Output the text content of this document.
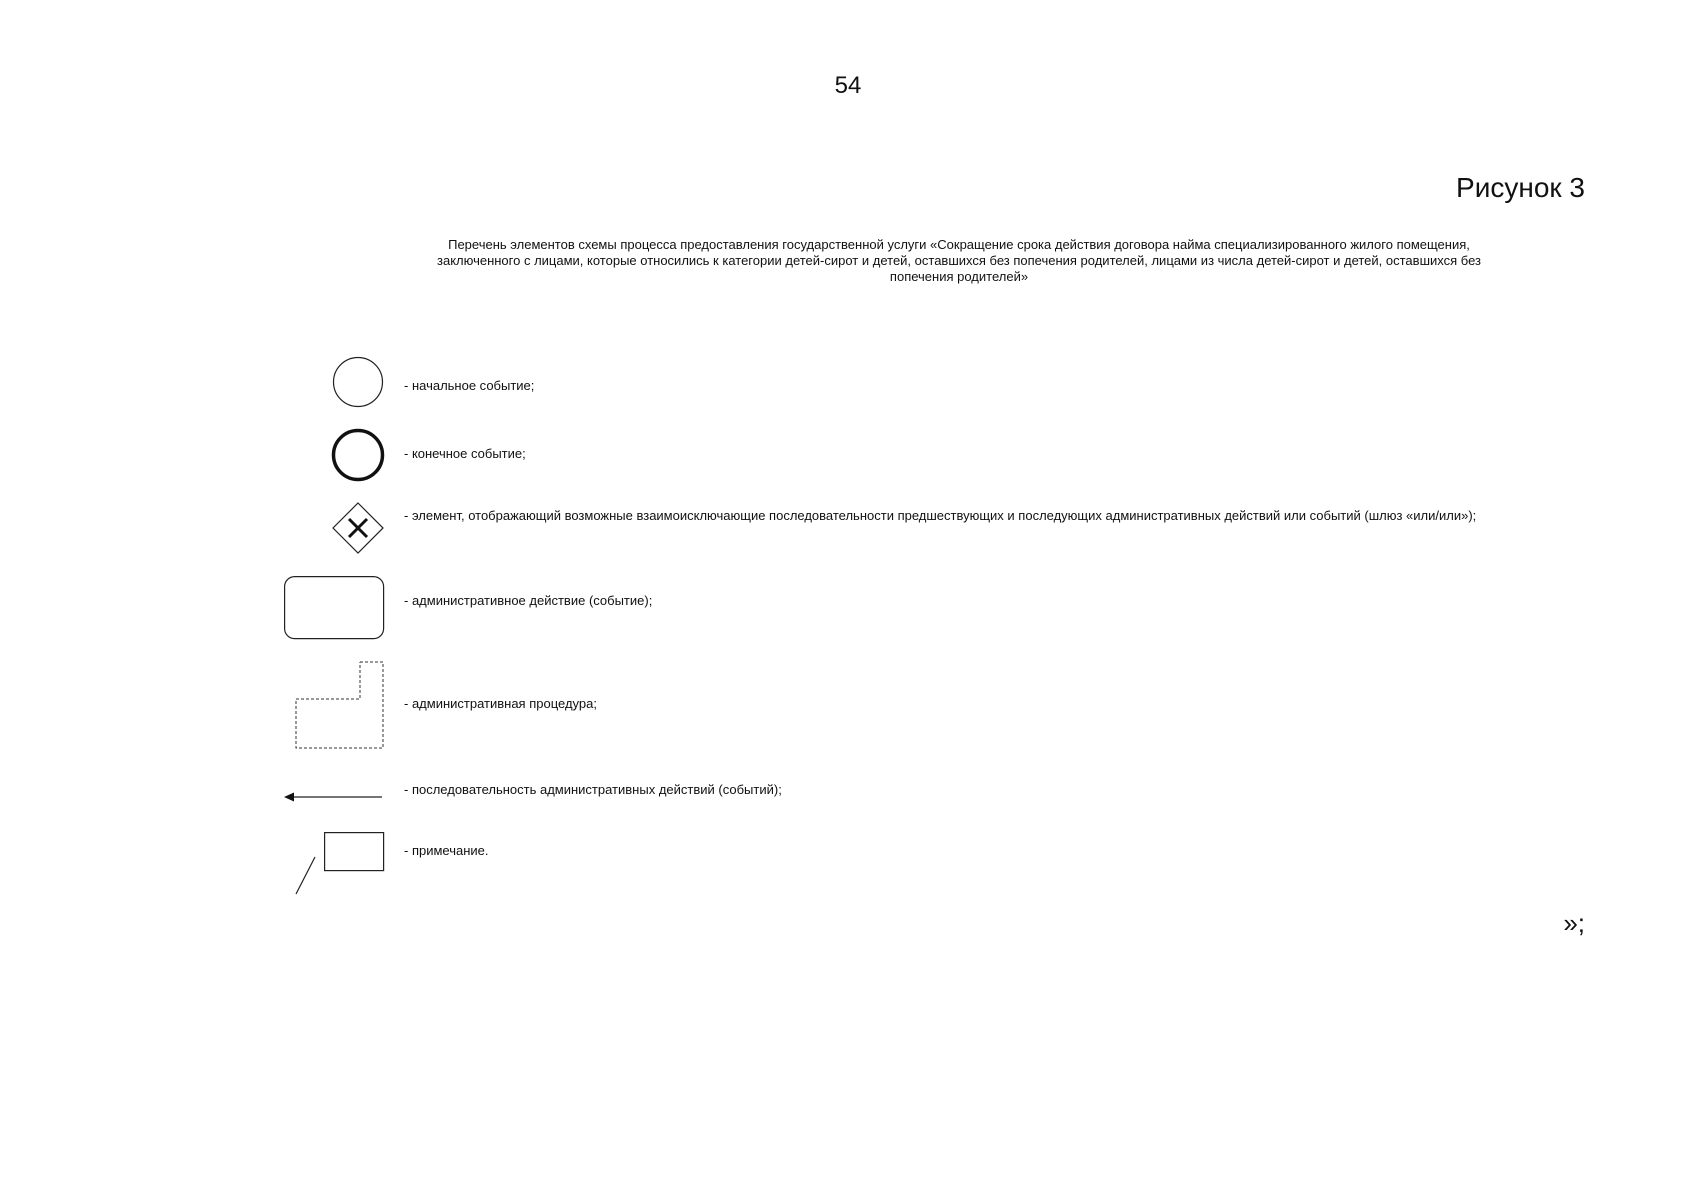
54
Рисунок 3
Перечень элементов схемы процесса предоставления государственной услуги «Сокращение срока действия договора найма специализированного жилого помещения, заключенного с лицами, которые относились к категории детей-сирот и детей, оставшихся без попечения родителей, лицами из числа детей-сирот и детей, оставшихся без попечения родителей»
- начальное событие;
- конечное событие;
- элемент, отображающий возможные взаимоисключающие последовательности предшествующих и последующих административных действий или событий (шлюз «или/или»);
- административное действие (событие);
- административная процедура;
- последовательность административных действий (событий);
- примечание.
»;
